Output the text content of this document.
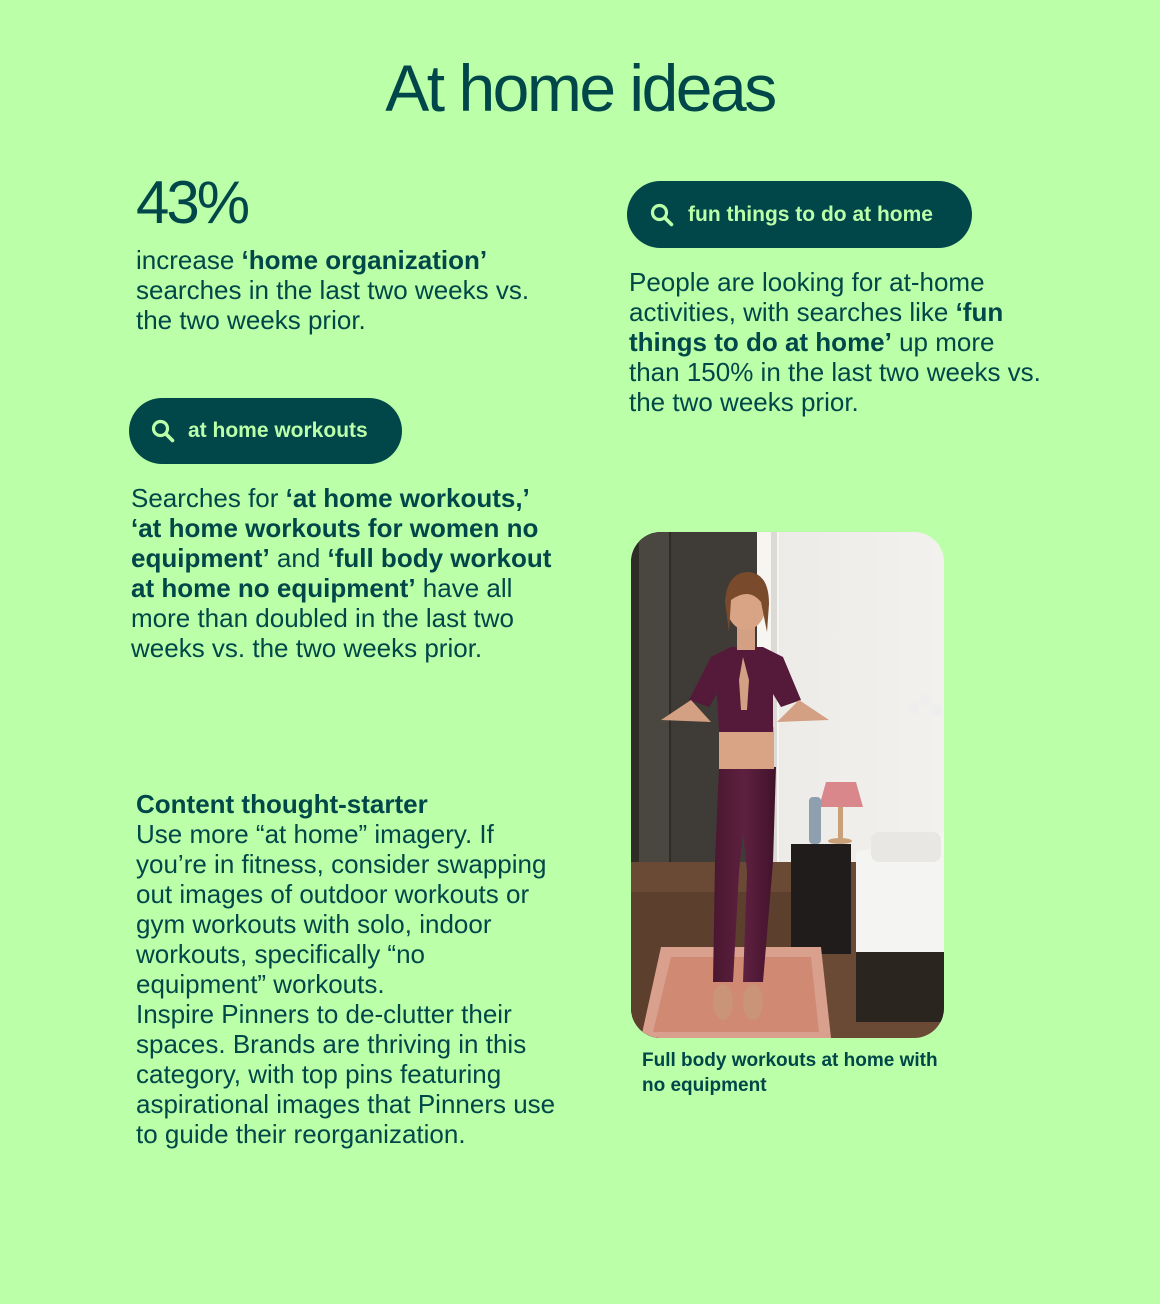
At home ideas
43%
increase ‘home organization’ searches in the last two weeks vs. the two weeks prior.
fun things to do at home
People are looking for at-home activities, with searches like ‘fun things to do at home’ up more than 150% in the last two weeks vs. the two weeks prior.
at home workouts
Searches for ‘at home workouts,’ ‘at home workouts for women no equipment’ and ‘full body workout at home no equipment’ have all more than doubled in the last two weeks vs. the two weeks prior.
Content thought-starter
Use more “at home” imagery. If you’re in fitness, consider swapping out images of outdoor workouts or gym workouts with solo, indoor workouts, specifically “no equipment” workouts.
Inspire Pinners to de-clutter their spaces. Brands are thriving in this category, with top pins featuring aspirational images that Pinners use to guide their reorganization.
Full body workouts at home with no equipment
